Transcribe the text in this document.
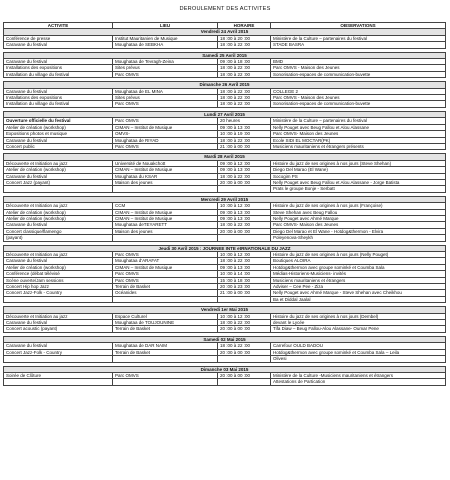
DEROULEMENT DES ACTIVITES
ACTIVITE	LIEU	HORAIRE	OBSERVATIONS
Vendredi 24 Avril 2015			
Conférence de presse	Institut Mauritanien de Musique	18 :00 à 20 :00	Ministère de la Culture – partenaires du festival
Caravane du festival	Moughataa de SEBKHA	18 :00 à 22 :00	STADE BASRA

Samedi 25 Avril 2015			
Caravane du festival	Moughataa de Tevragh-Zeina	09 :00 à 18 :00	BMD
Installations des expositions	Sites prévus	18 :00 à 22 :00	Parc OMVS - Maison des Jeunes
Installation du village du festival	Parc OMVS	18 :00 à 22 :00	Sonorisation-espaces de communication-buvette

Dimanche 26 Avril 2015			
Caravane du festival	Moughataa de EL MINA	18 :00 à 22 :00	COLLEGE 2
Installations des expositions	Sites prévus	18 :00 à 22 :00	Parc OMVS - Maison des Jeunes
Installation du village du festival	Parc OMVS	18 :00 à 22 :00	Sonorisation-espaces de communication-buvette

Lundi 27 Avril 2015			
Ouverture officielle du festival	Parc OMVS	20 heures	Ministère de la Culture – partenaires du festival
Atelier de création (workshop)	CIMAN – Institut de Musique	09 :00 à 13 :00	Nelly Pouget avec Beug Fallou et Alou Alassane
Expositions photos et musique	OMVS-	10 :00 à 19 :00	Parc OMVS- Maison des Jeunes
Caravane du festival	Moughataa de RIYAD	18 :00 à 22 :00	Ecole SIDI EL MOCTAR(PK)
Concert public	Parc OMVS	21 :00 à 00 :00	Musiciens mauritaniens et étrangers présents

Mardi 28 Avril 2015			
Découverte et Initiation au jazz	Université de Nouakchott	09 :00 à 12 :00	Histoire du jazz de ses origines à nos jours (Steve Shehan)
Atelier de création (workshop)	CIMAN – Institut de Musique	09 :00 à 13 :00	Diego Del Marao (El Wane)
Caravane du festival	Moughataa du KSAR	18 :00 à 22 :00	Socogim PS
Concert Jazz (payant)	Maison des jeunes	20 :00 à 00 :00	Nelly Pouget avec Beug Fallou et Alou Alassane - Jorge Batista
			Prats le groupe Bonje - Serbatt

Mercredi 29 Avril 2015			
Découverte et Initiation au jazz	CCM	10 :00 à 12 :00	Histoire du jazz de ses origines à nos jours (Françoise)
Atelier de création (workshop)	CIMAN – Institut de Musique	09 :00 à 13 :00	Steve Shehan avec Beug Fallou
Atelier de création (workshop)	CIMAN – Institut de Musique	09 :00 à 13 :00	Nelly Pouget avec Ahmé Marque
Caravane du festival	Moughataa deTEYARETT	18 :00 à 22 :00	Parc OMVS- Maison des Jeunes
Concert classique/flamengo	Maison des jeunes	20 :00 à 00 :00	Diego Del Marao et El Wane - Hotdog&thermon - Elvira
(payant)			Poleyenova-Sheykh

Jeudi 30 Avril 2015 : JOURNEE INTE etRNATIONALE DU JAZZ			
Découverte et Initiation au jazz	Parc OMVS	10 :00 à 12 :00	Histoire du jazz de ses origines à nos jours (Nelly Pouget)
Caravane du festival	Moughataa d'ARAFAT	18 :00 à 22 :00	Boutiques ALOIRA
Atelier de création (workshop)	CIMAN – Institut de Musique	09 :00 à 13 :00	Hotdog&thermon avec groupe sominké et Coumba Sala
Conférence (débat télévisé	Parc OMVS	10 :00 à 14 :00	Médias-Historiens-Musiciens- invités
Scène ouverte/Jam sessions	Parc OMVS	15 :00 à 18 :00	Musiciens mauritaniens et étrangers
Concert Hip hop Jazz	Terrain de Basket	20 :00 à 23 :00	Adviser – Cee Pee - Ziza
Concert Jazz-Folk - Country	Océanides	21 :00 à 00 :00	Nelly Pouget avec Ahmé Marque - Steve Shehan avec Cheikhou
			Ba et Diddal Jaalal

Vendredi 1er Mai 2015			
Découverte et Initiation au jazz	Espace Culturel	10 :00 à 12 :00	Histoire du jazz de ses origines à nos jours (Dembel)
Caravane du festival	Moughataa de TOUJOUNINE	18 :00 à 22 :00	devant le Lycée
Concert acoustic (payant)	Terrain de Basket	20 :00 à 00 :00	Tifa Diaw – Beug Fallou-Alou Alassane- Oumar Pene

Samedi 02 Mai 2015			
Caravane du festival	Moughataa de DAR NAIM	18 :00 à 22 :00	Carrefour OULD BADOU
Concert Jazz-Folk - Country	Terrain de Basket	20 :00 à 00 :00	Hotdog&thermon avec groupe sominké et Coumba Sala – Leila
			Olivesi

Dimanche 03 Mai 2015			
Soirée de Clôture	Parc OMVS	20 :00 à 00 :00	Ministère de la Culture -Musiciens mauritaniens et étrangers
			Attestations de Partication
